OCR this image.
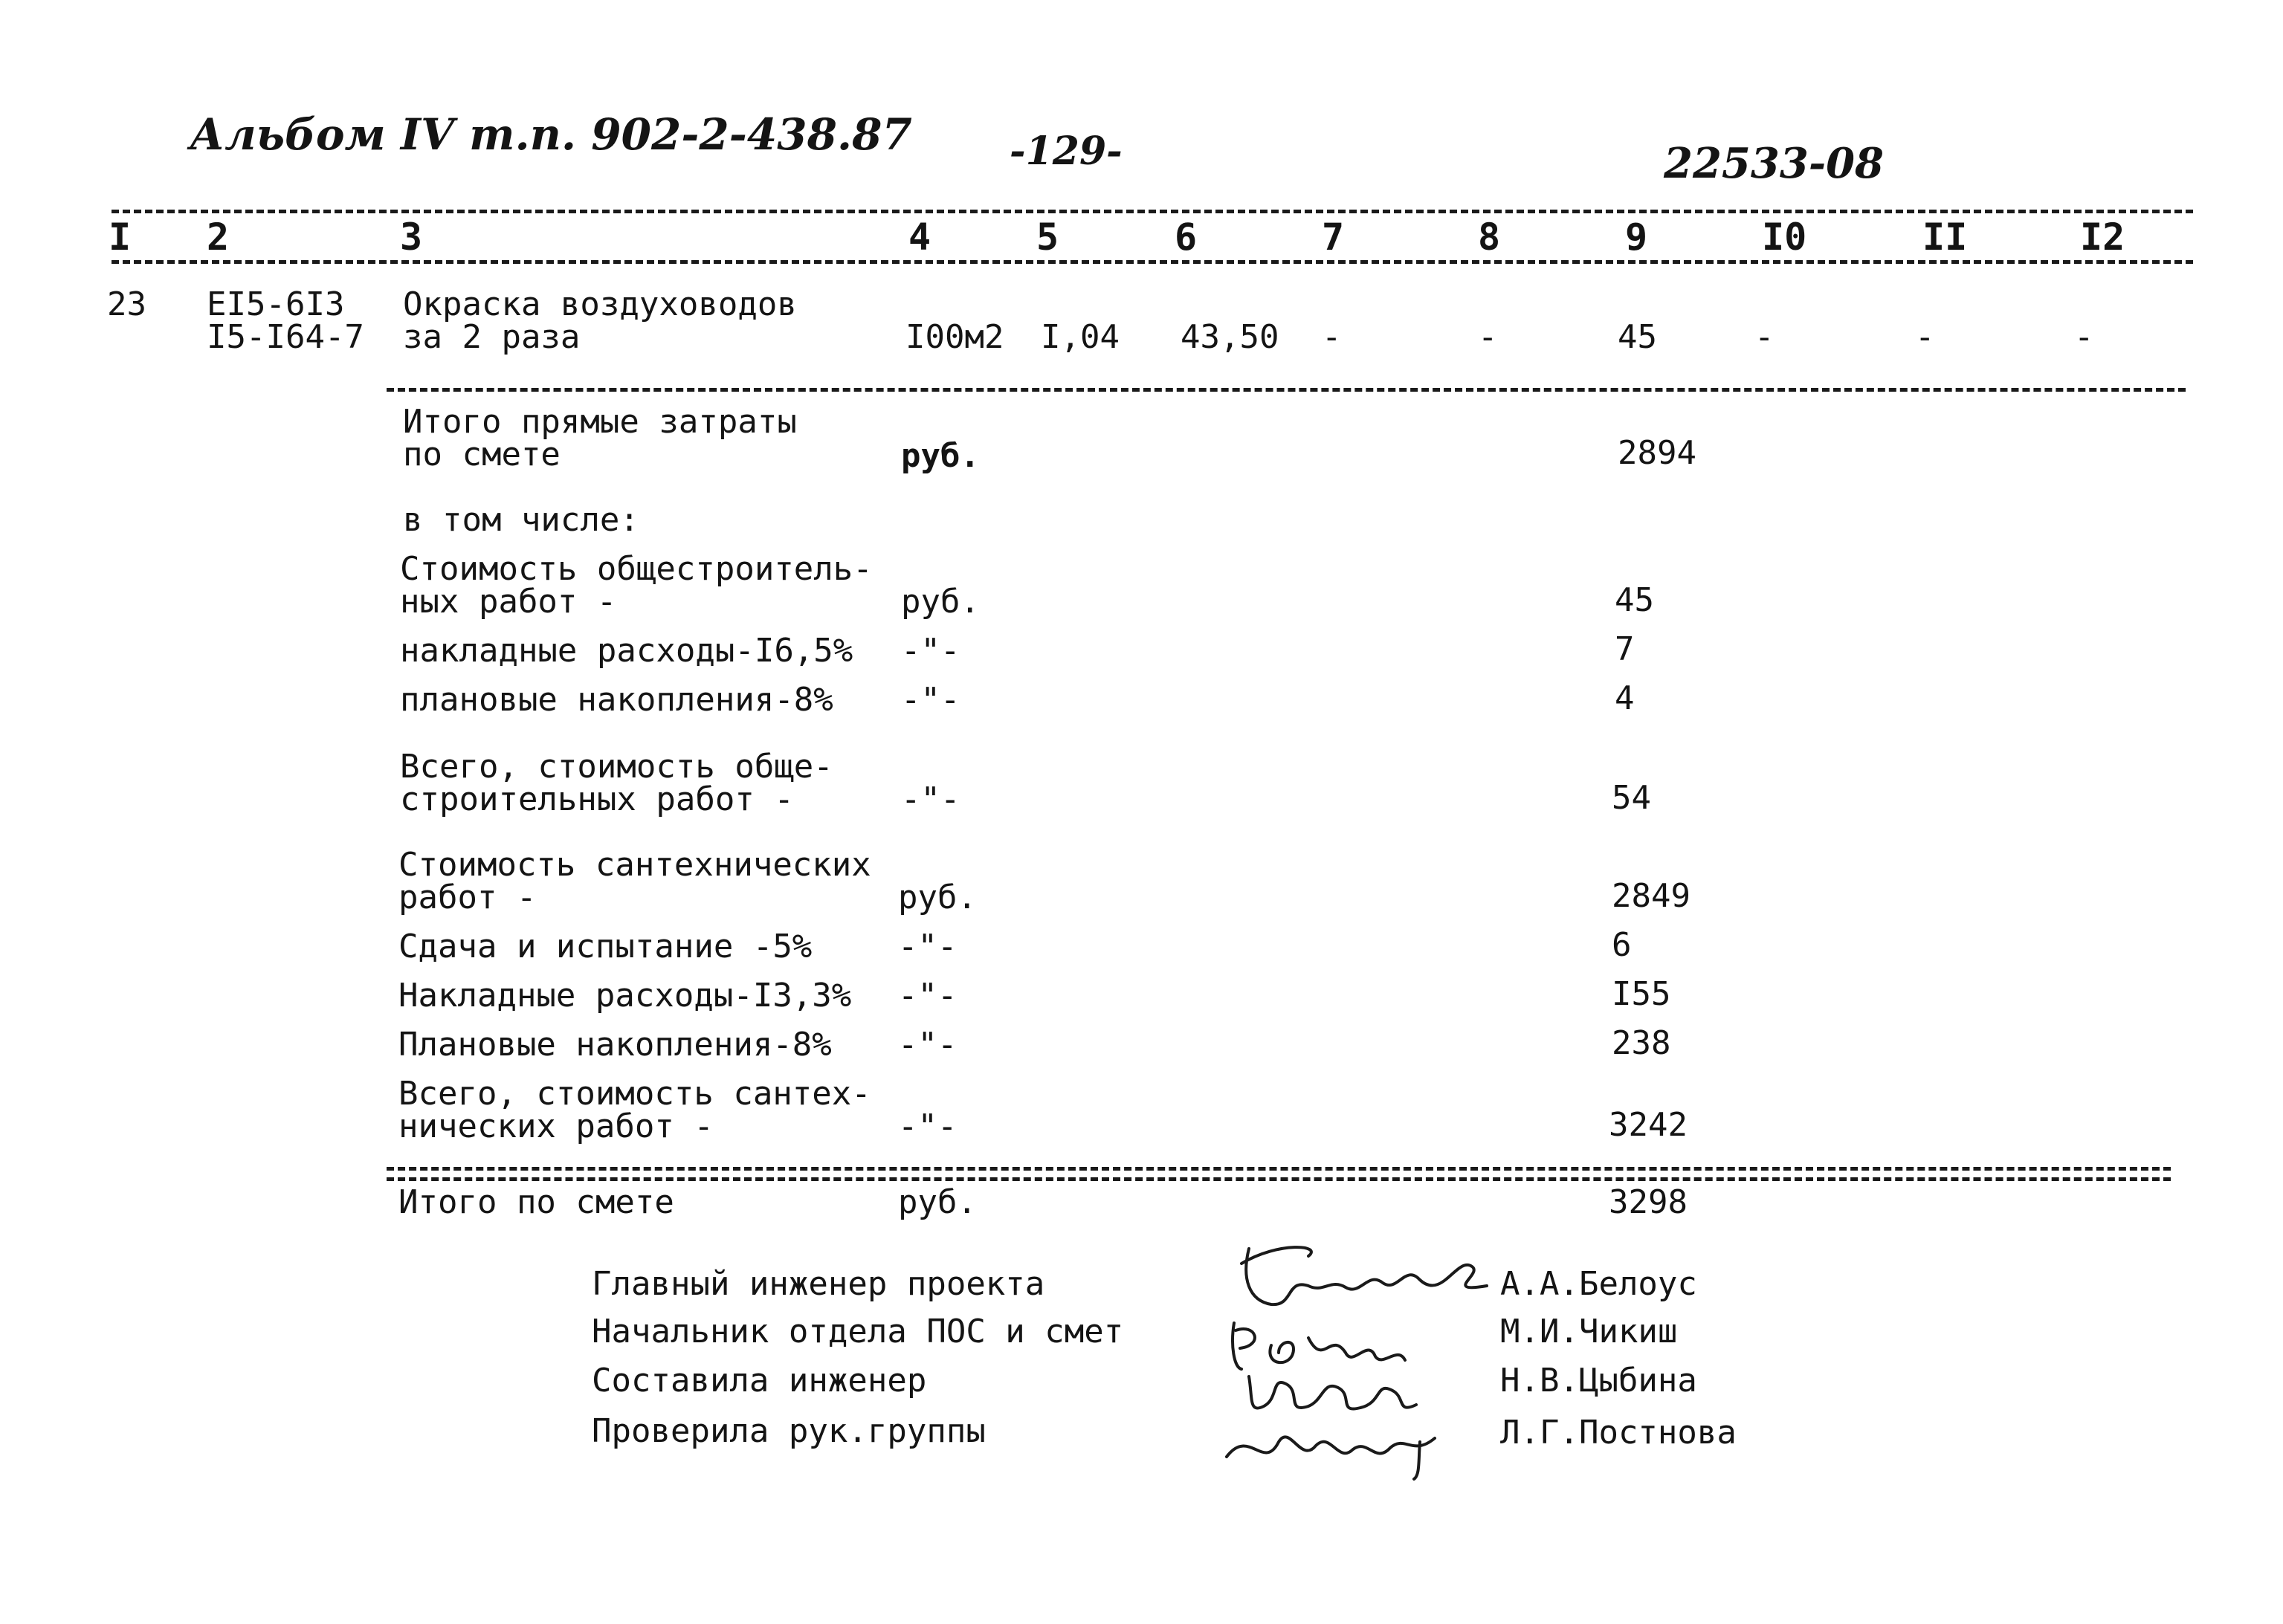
Альбом IV т.п. 902-2-438.87	-129-	22533-08
I 2	3	4	5	6	7	8	9	I0	II	I2
23 EI5-6I3
I5-I64-7
Окраска воздуховодов
за 2 раза	I00м2 I,04 43,50 -	-	45	-	-	-
Итого прямые затраты
по смете	руб.	2894
в том числе:
Стоимость общестроитель-
ных работ -	руб.	45
накладные расходы-I6,5% -"-	7
плановые накопления-8% -"-	4
Всего, стоимость обще-
строительных работ -	-"-	54
Стоимость сантехнических
работ -	руб.	2849
Сдача и испытание -5%	-"-	6
Накладные расходы-I3,3% -"-	I55
Плановые накопления-8% -"-	238
Всего, стоимость сантех-
нических работ -	-"-	3242
Итого по смете	руб.	3298
Главный инженер проекта
Начальник отдела ПОС и смет
Составила инженер
Проверила рук.группы
А.А.Белоус
М.И.Чикиш
Н.В.Цыбина
Л.Г.Постнова
